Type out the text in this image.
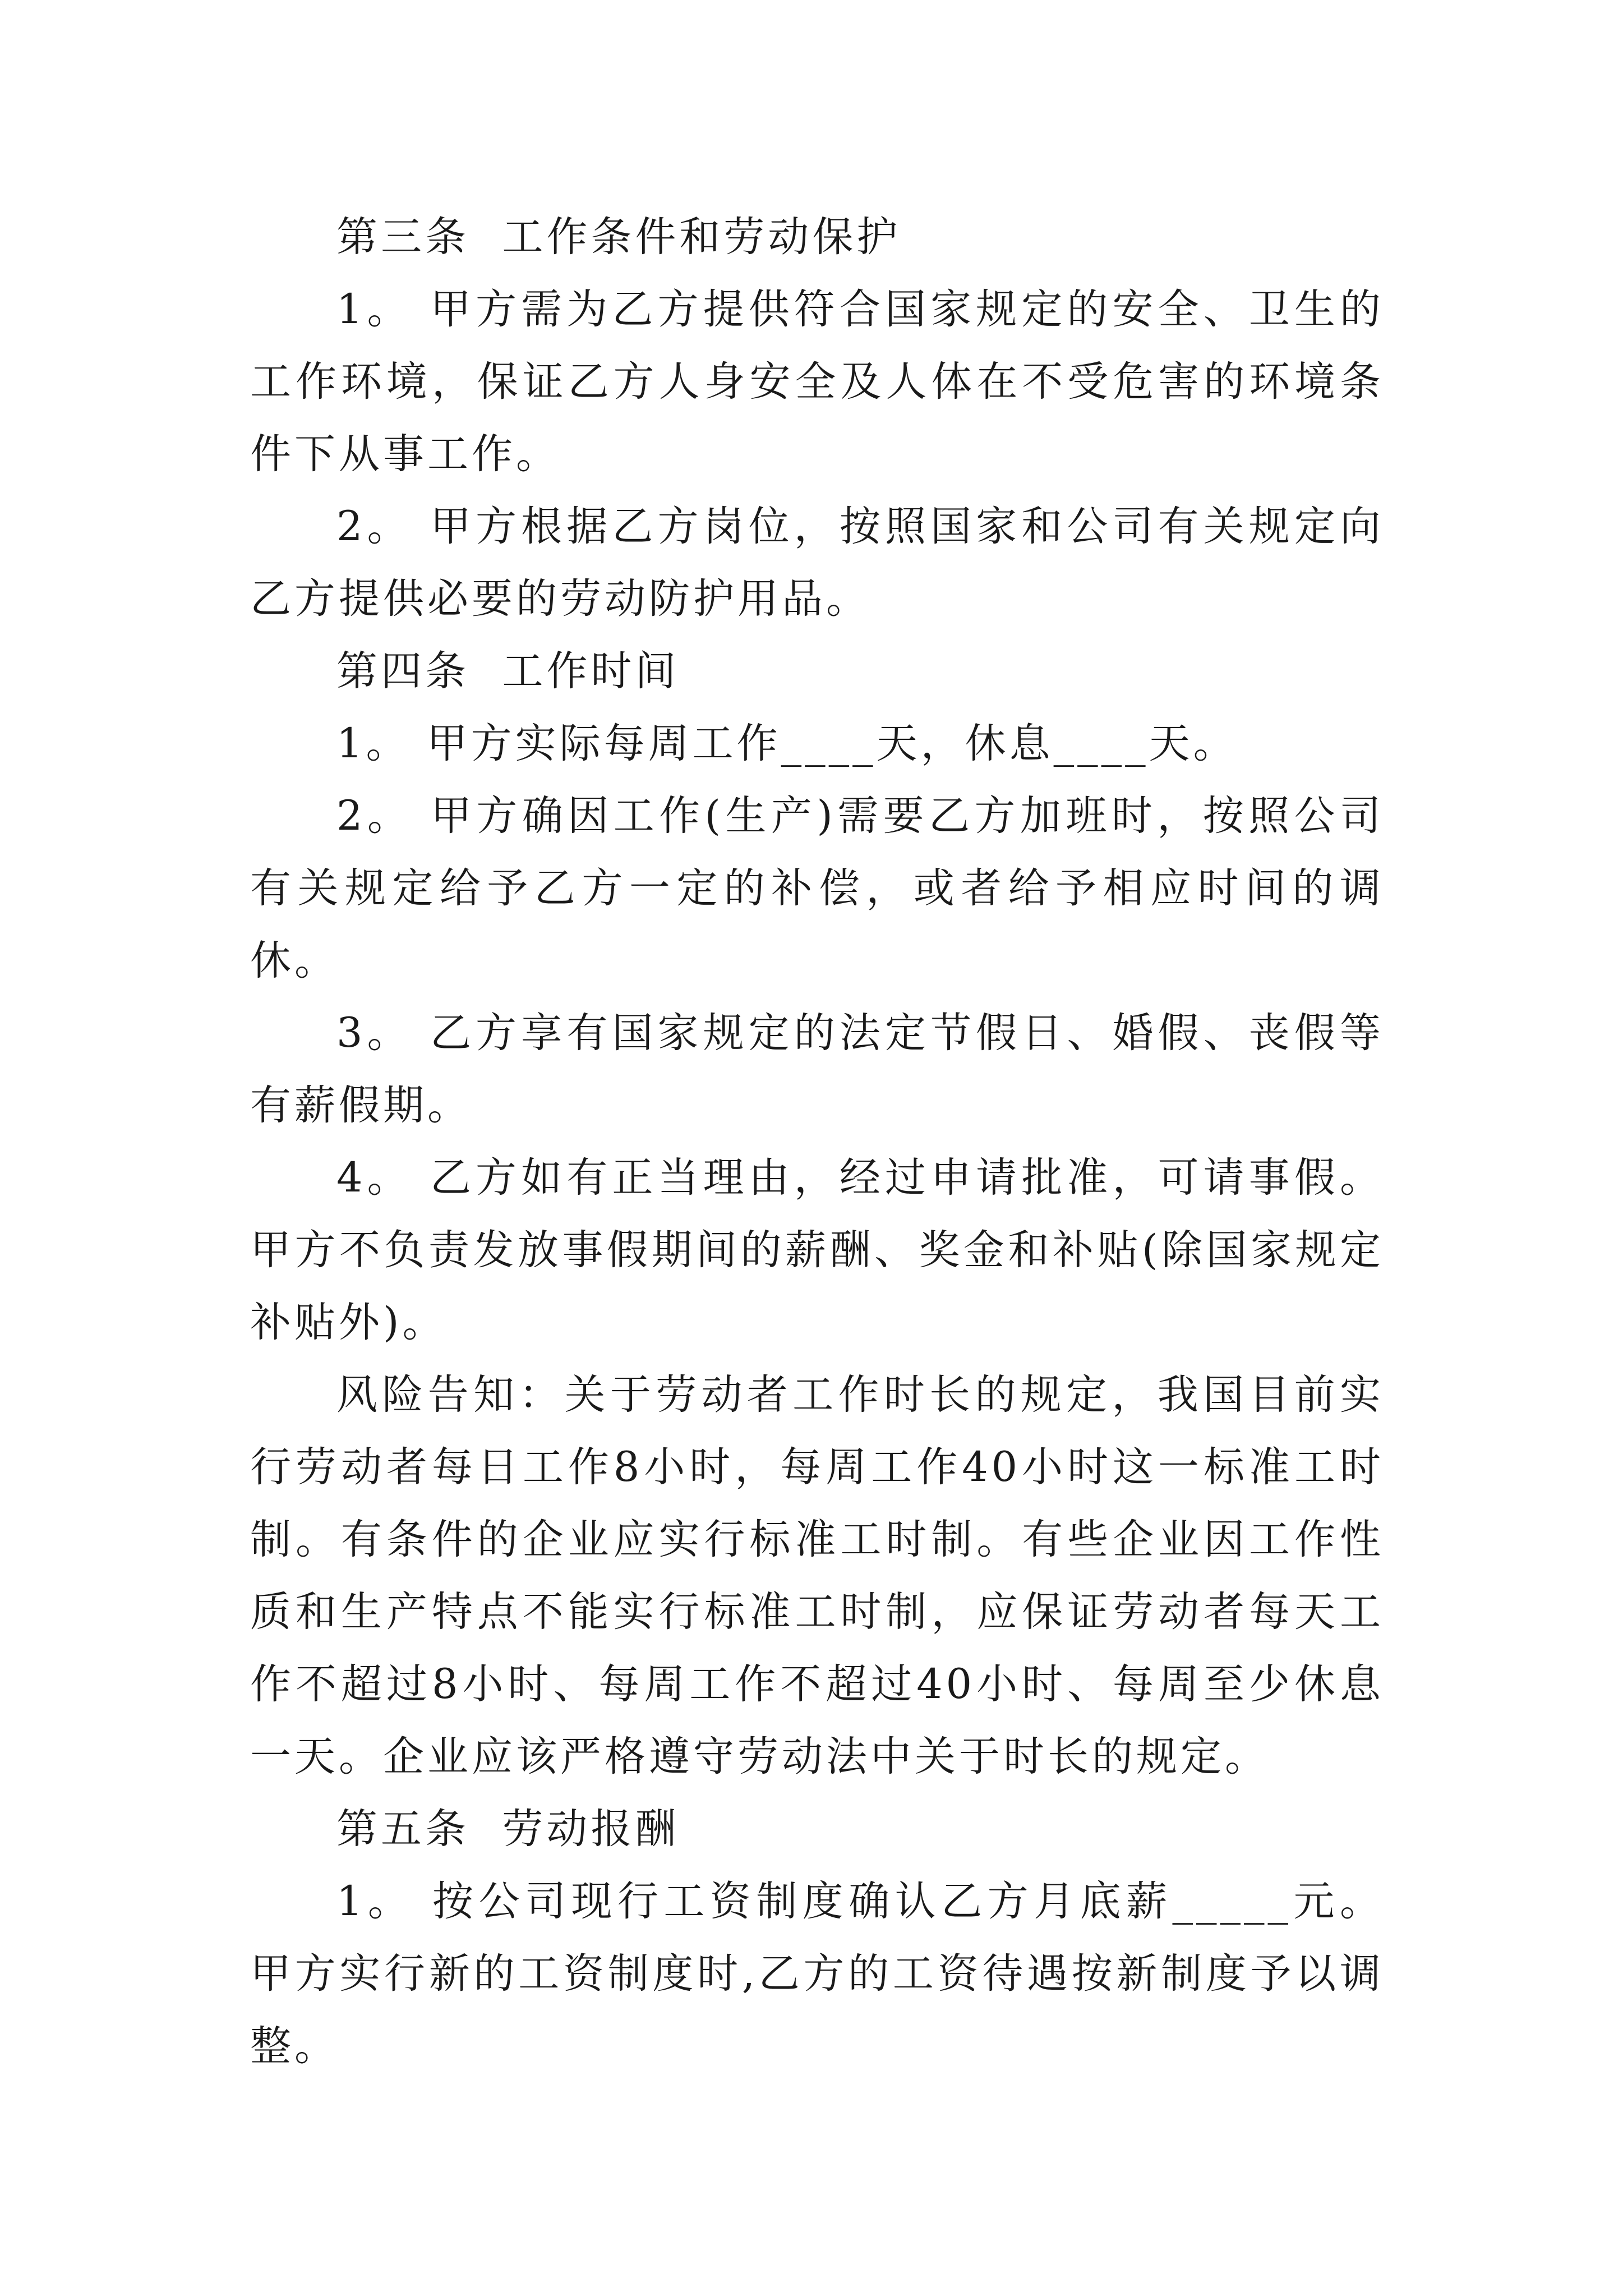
第三条  工作条件和劳动保护

1。 甲方需为乙方提供符合国家规定的安全、卫生的工作环境，保证乙方人身安全及人体在不受危害的环境条件下从事工作。

2。 甲方根据乙方岗位，按照国家和公司有关规定向乙方提供必要的劳动防护用品。

第四条  工作时间

1。 甲方实际每周工作____天，休息____天。

2。 甲方确因工作(生产)需要乙方加班时，按照公司有关规定给予乙方一定的补偿，或者给予相应时间的调休。

3。 乙方享有国家规定的法定节假日、婚假、丧假等有薪假期。

4。 乙方如有正当理由，经过申请批准，可请事假。甲方不负责发放事假期间的薪酬、奖金和补贴(除国家规定补贴外)。

风险告知：关于劳动者工作时长的规定，我国目前实行劳动者每日工作8小时，每周工作40小时这一标准工时制。有条件的企业应实行标准工时制。有些企业因工作性质和生产特点不能实行标准工时制，应保证劳动者每天工作不超过8小时、每周工作不超过40小时、每周至少休息一天。企业应该严格遵守劳动法中关于时长的规定。

第五条  劳动报酬

1。 按公司现行工资制度确认乙方月底薪_____元。甲方实行新的工资制度时,乙方的工资待遇按新制度予以调整。
